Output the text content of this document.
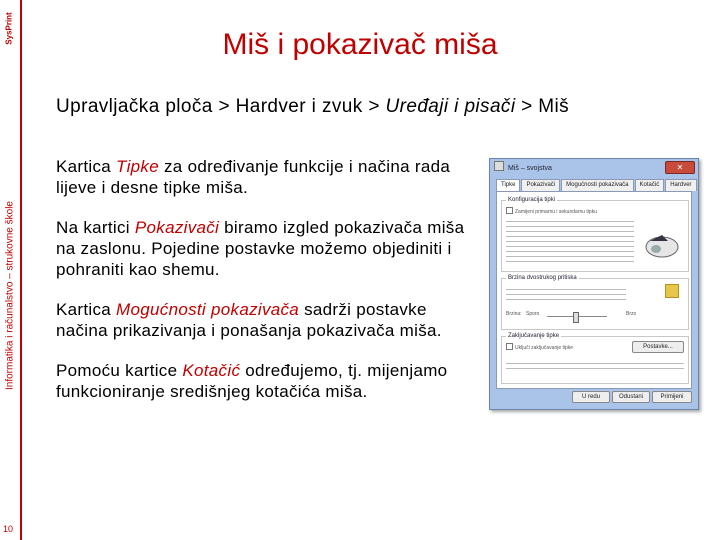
SysPrint
Informatika i računalstvo – strukovne škole
10
Miš i pokazivač miša
Upravljačka ploča > Hardver i zvuk > Uređaji i pisači > Miš

Kartica Tipke za određivanje funkcije i načina rada lijeve i desne tipke miša.

Na kartici Pokazivači biramo izgled pokazivača miša na zaslonu. Pojedine postavke možemo objediniti i pohraniti kao shemu.

Kartica Mogućnosti pokazivača sadrži postavke načina prikazivanja i ponašanja pokazivača miša.

Pomoću kartice Kotačić određujemo, tj. mijenjamo funkcioniranje središnjeg kotačića miša.

Miš – svojstva	✕
Tipke	Pokazivači	Mogućnosti pokazivača	Kotačić	Hardver
Konfiguracija tipki
Zamijeni primarnu i sekundarnu tipku
Brzina dvostrukog pritiska
Brzina: Sporo	Brzo
Zaključavanje tipke
Uključi zaključavanje tipke	Postavke...
U redu	Odustani	Primijeni
